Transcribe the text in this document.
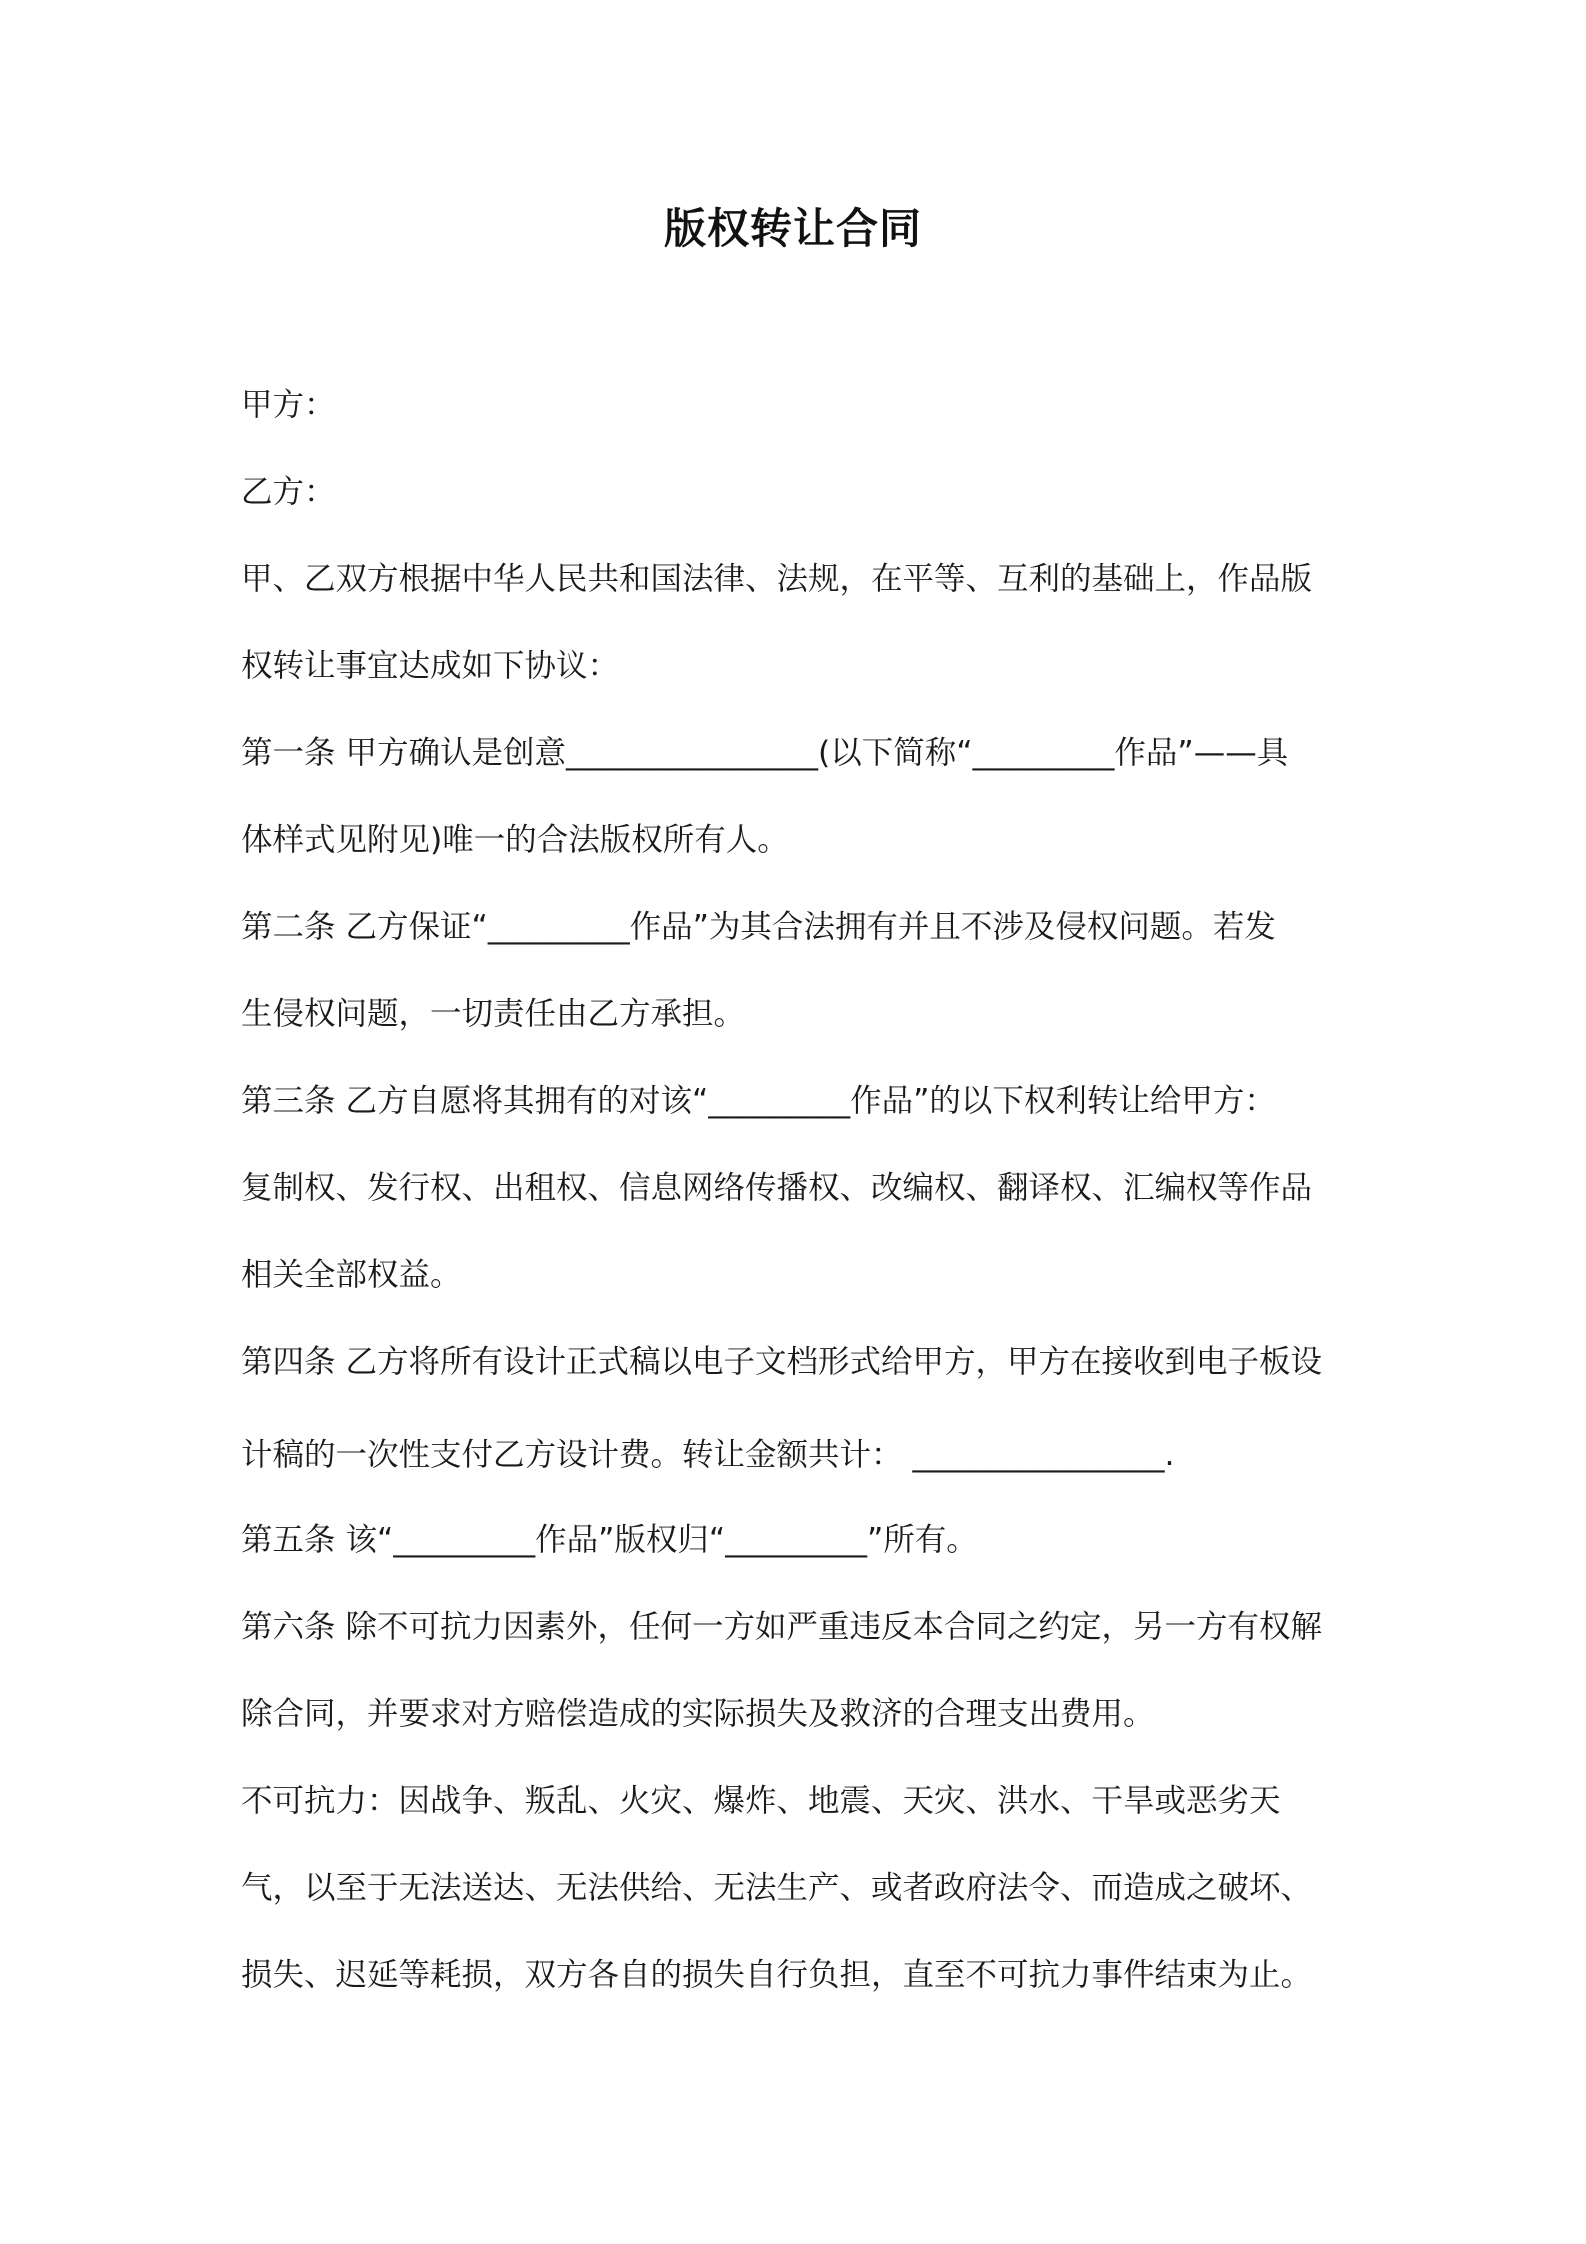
版权转让合同
甲方：
乙方：
甲、乙双方根据中华人民共和国法律、法规，在平等、互利的基础上，作品版
权转让事宜达成如下协议：
第一条 甲方确认是创意________________(以下简称“_________作品”——具
体样式见附见)唯一的合法版权所有人。
第二条 乙方保证“_________作品”为其合法拥有并且不涉及侵权问题。若发
生侵权问题，一切责任由乙方承担。
第三条 乙方自愿将其拥有的对该“_________作品”的以下权利转让给甲方：
复制权、发行权、出租权、信息网络传播权、改编权、翻译权、汇编权等作品
相关全部权益。
第四条 乙方将所有设计正式稿以电子文档形式给甲方，甲方在接收到电子板设
计稿的一次性支付乙方设计费。转让金额共计： ________________.
第五条 该“_________作品”版权归“_________”所有。
第六条 除不可抗力因素外，任何一方如严重违反本合同之约定，另一方有权解
除合同，并要求对方赔偿造成的实际损失及救济的合理支出费用。
不可抗力：因战争、叛乱、火灾、爆炸、地震、天灾、洪水、干旱或恶劣天
气，以至于无法送达、无法供给、无法生产、或者政府法令、而造成之破坏、
损失、迟延等耗损，双方各自的损失自行负担，直至不可抗力事件结束为止。
